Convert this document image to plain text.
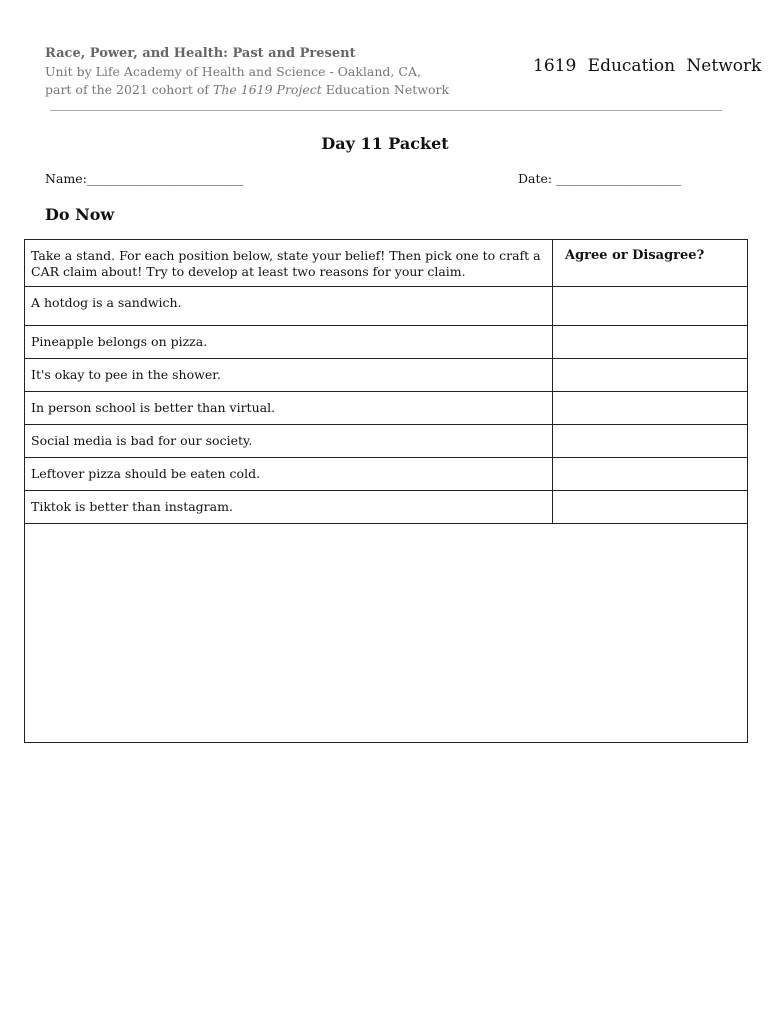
Race, Power, and Health: Past and Present
Unit by Life Academy of Health and Science - Oakland, CA,
part of the 2021 cohort of The 1619 Project Education Network
1619 Education Network
Day 11 Packet
Name:_________________________	Date: ____________________
Do Now
Take a stand. For each position below, state your belief! Then pick one to craft a CAR claim about! Try to develop at least two reasons for your claim.
Agree or Disagree?
A hotdog is a sandwich.
Pineapple belongs on pizza.
It's okay to pee in the shower.
In person school is better than virtual.
Social media is bad for our society.
Leftover pizza should be eaten cold.
Tiktok is better than instagram.
